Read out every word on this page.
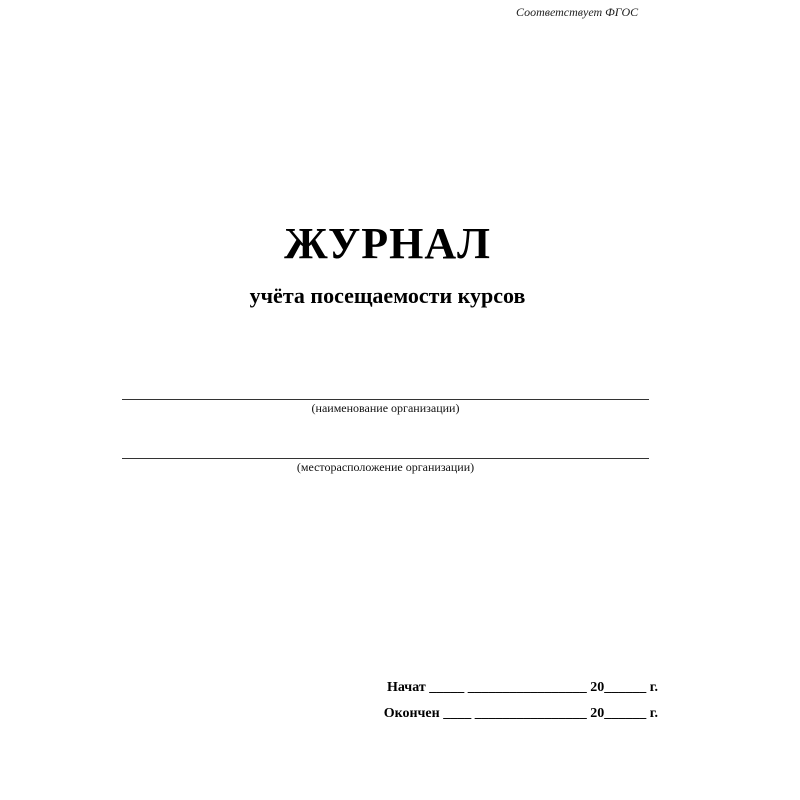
Соответствует ФГОС
ЖУРНАЛ
учёта посещаемости курсов
(наименование организации)
(месторасположение организации)
Начат _____ _________________ 20______ г.
Окончен ____ ________________ 20______ г.
